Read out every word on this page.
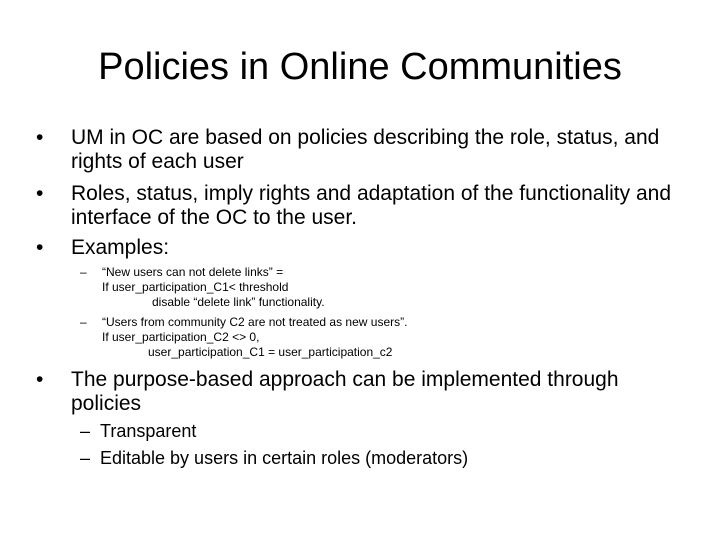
Policies in Online Communities
• UM in OC are based on policies describing the role, status, and rights of each user
• Roles, status, imply rights and adaptation of the functionality and interface of the OC to the user.
• Examples:
– “New users can not delete links” =
If user_participation_C1< threshold
disable “delete link” functionality.
– “Users from community C2 are not treated as new users”.
If user_participation_C2 <> 0,
user_participation_C1 = user_participation_c2
• The purpose-based approach can be implemented through policies
– Transparent
– Editable by users in certain roles (moderators)
